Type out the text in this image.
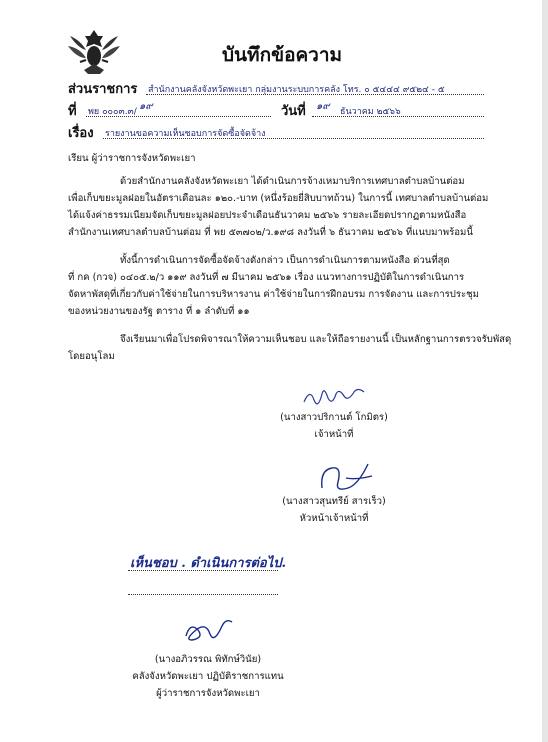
บันทึกข้อความ
ส่วนราชการ สำนักงานคลังจังหวัดพะเยา กลุ่มงานระบบการคลัง โทร. ๐ ๕๔๔๔ ๙๕๒๔ - ๕
ที่ พย ๐๐๐๓.๓/ ๑๙	วันที่ ๑๙ ธันวาคม ๒๕๖๖
เรื่อง รายงานขอความเห็นชอบการจัดซื้อจัดจ้าง
เรียน ผู้ว่าราชการจังหวัดพะเยา
ด้วยสำนักงานคลังจังหวัดพะเยา ได้ดำเนินการจ้างเหมาบริการเทศบาลตำบลบ้านต่อม
เพื่อเก็บขยะมูลฝอยในอัตราเดือนละ ๑๒๐.-บาท (หนึ่งร้อยยี่สิบบาทถ้วน) ในการนี้ เทศบาลตำบลบ้านต่อม
ได้แจ้งค่าธรรมเนียมจัดเก็บขยะมูลฝอยประจำเดือนธันวาคม ๒๕๖๖ รายละเอียดปรากฏตามหนังสือ
สำนักงานเทศบาลตำบลบ้านต่อม ที่ พย ๕๓๗๐๒/ว.๑๙๘ ลงวันที่ ๖ ธันวาคม ๒๕๖๖ ที่แนบมาพร้อมนี้
ทั้งนี้การดำเนินการจัดซื้อจัดจ้างดังกล่าว เป็นการดำเนินการตามหนังสือ ด่วนที่สุด
ที่ กค (กวจ) ๐๔๐๕.๒/ว ๑๑๙ ลงวันที่ ๗ มีนาคม ๒๕๖๑ เรื่อง แนวทางการปฏิบัติในการดำเนินการ
จัดหาพัสดุที่เกี่ยวกับค่าใช้จ่ายในการบริหารงาน ค่าใช้จ่ายในการฝึกอบรม การจัดงาน และการประชุม
ของหน่วยงานของรัฐ ตาราง ที่ ๑ ลำดับที่ ๑๑
จึงเรียนมาเพื่อโปรดพิจารณาให้ความเห็นชอบ และให้ถือรายงานนี้ เป็นหลักฐานการตรวจรับพัสดุ
โดยอนุโลม
(นางสาวปริกานต์ โกมิตร)
เจ้าหน้าที่
(นางสาวสุนทรีย์ สารเร็ว)
หัวหน้าเจ้าหน้าที่
เห็นชอบ . ดำเนินการต่อไป.
(นางอภิวรรณ พิทักษ์วินัย)
คลังจังหวัดพะเยา ปฏิบัติราชการแทน
ผู้ว่าราชการจังหวัดพะเยา
